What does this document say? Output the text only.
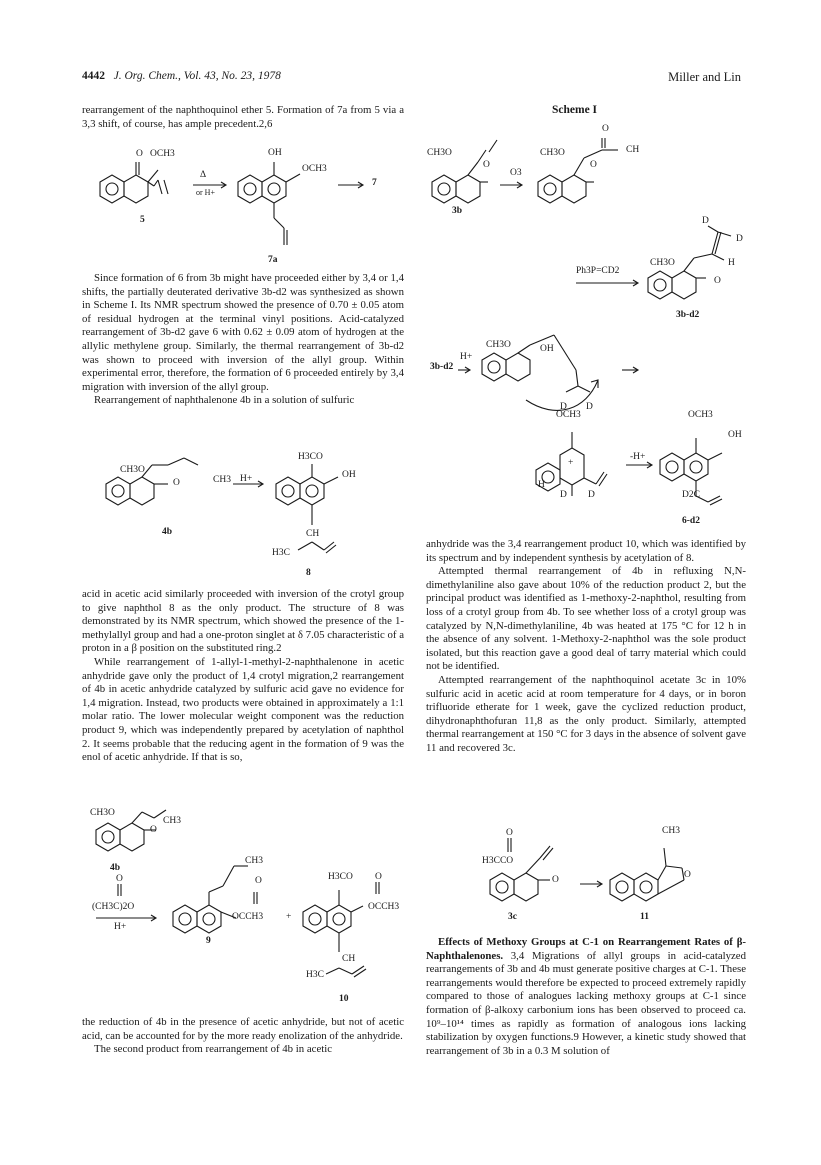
4442 J. Org. Chem., Vol. 43, No. 23, 1978	Miller and Lin

rearrangement of the naphthoquinol ether 5. Formation of 7a from 5 via a 3,3 shift, of course, has ample precedent.2,6

O OCH3
Δ
or H+
5
OH
OCH3
7
7a

Since formation of 6 from 3b might have proceeded either by 3,4 or 1,4 shifts, the partially deuterated derivative 3b-d2 was synthesized as shown in Scheme I. Its NMR spectrum showed the presence of 0.70 ± 0.05 atom of residual hydrogen at the terminal vinyl positions. Acid-catalyzed rearrangement of 3b-d2 gave 6 with 0.62 ± 0.09 atom of hydrogen at the allylic methylene group. Similarly, the thermal rearrangement of 3b-d2 was shown to proceed with inversion of the allyl group. Within experimental error, therefore, the formation of 6 proceeded entirely by 3,4 migration with inversion of the allyl group.

Rearrangement of naphthalenone 4b in a solution of sulfuric

CH3O
CH3
O	H+
4b
H3CO
OH
CH
H3C
8

acid in acetic acid similarly proceeded with inversion of the crotyl group to give naphthol 8 as the only product. The structure of 8 was demonstrated by its NMR spectrum, which showed the presence of the 1-methylallyl group and had a one-proton singlet at δ 7.05 characteristic of a proton in a β position on the substituted ring.2

While rearrangement of 1-allyl-1-methyl-2-naphthalenone in acetic anhydride gave only the product of 1,4 crotyl migration,2 rearrangement of 4b in acetic anhydride catalyzed by sulfuric acid gave no evidence for 1,4 migration. Instead, two products were obtained in approximately a 1:1 molar ratio. The lower molecular weight component was the reduction product 9, which was independently prepared by acetylation of naphthol 2. It seems probable that the reducing agent in the formation of 9 was the enol of acetic anhydride. If that is so,

CH3O
CH3
O
4b
O
(CH3C)2O
H+
CH3
O
OCCH3 +
9
H3CO O
OCCH3
CH
H3C
10

the reduction of 4b in the presence of acetic anhydride, but not of acetic acid, can be accounted for by the more ready enolization of the anhydride.

The second product from rearrangement of 4b in acetic

Scheme I
CH3O
O
O3
3b
CH3O
O
CH
O
Ph3P=CD2
CH3O
D
D
H
O
3b-d2
3b-d2
H+
CH3O	OH
D D
OCH3
+
H
D D
-H+
OCH3
OH
D2C
6-d2

anhydride was the 3,4 rearrangement product 10, which was identified by its spectrum and by independent synthesis by acetylation of 8.

Attempted thermal rearrangement of 4b in refluxing N,N-dimethylaniline also gave about 10% of the reduction product 2, but the principal product was identified as 1-methoxy-2-naphthol, resulting from loss of a crotyl group from 4b. To see whether loss of a crotyl group was catalyzed by N,N-dimethylaniline, 4b was heated at 175 °C for 12 h in the absence of any solvent. 1-Methoxy-2-naphthol was the sole product isolated, but this reaction gave a good deal of tarry material which could not be identified.

Attempted rearrangement of the naphthoquinol acetate 3c in 10% sulfuric acid in acetic acid at room temperature for 4 days, or in boron trifluoride etherate for 1 week, gave the cyclized reduction product, dihydronaphthofuran 11,8 as the only product. Similarly, attempted thermal rearrangement at 150 °C for 3 days in the absence of solvent gave 11 and recovered 3c.

O
H3CCO
O
3c
CH3
O
11

Effects of Methoxy Groups at C-1 on Rearrangement Rates of β-Naphthalenones. 3,4 Migrations of allyl groups in acid-catalyzed rearrangements of 3b and 4b must generate positive charges at C-1. These rearrangements would therefore be expected to proceed extremely rapidly compared to those of analogues lacking methoxy groups at C-1 since formation of β-alkoxy carbonium ions has been observed to proceed ca. 10⁹–10¹⁴ times as rapidly as formation of analogous ions lacking stabilization by oxygen functions.9 However, a kinetic study showed that rearrangement of 3b in a 0.3 M solution of
